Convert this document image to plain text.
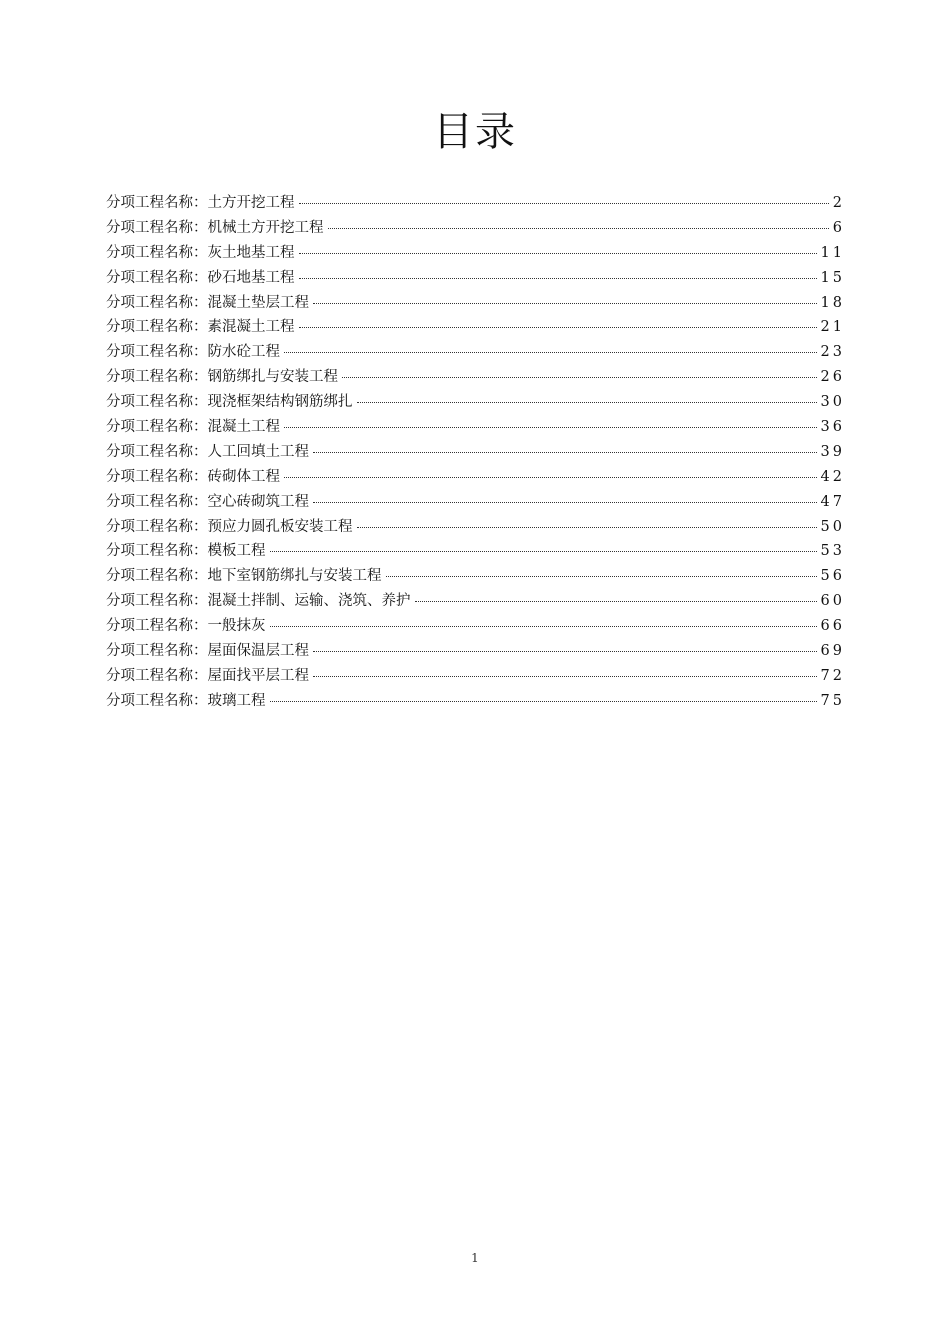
目录
分项工程名称： 土方开挖工程	2
分项工程名称： 机械土方开挖工程	6
分项工程名称： 灰土地基工程	11
分项工程名称： 砂石地基工程	15
分项工程名称： 混凝土垫层工程	18
分项工程名称： 素混凝土工程	21
分项工程名称： 防水砼工程	23
分项工程名称： 钢筋绑扎与安装工程	26
分项工程名称： 现浇框架结构钢筋绑扎	30
分项工程名称： 混凝土工程	36
分项工程名称： 人工回填土工程	39
分项工程名称： 砖砌体工程	42
分项工程名称： 空心砖砌筑工程	47
分项工程名称： 预应力圆孔板安装工程	50
分项工程名称： 模板工程	53
分项工程名称： 地下室钢筋绑扎与安装工程	56
分项工程名称： 混凝土拌制、运输、浇筑、养护	60
分项工程名称： 一般抹灰	66
分项工程名称： 屋面保温层工程	69
分项工程名称： 屋面找平层工程	72
分项工程名称： 玻璃工程	75
1
